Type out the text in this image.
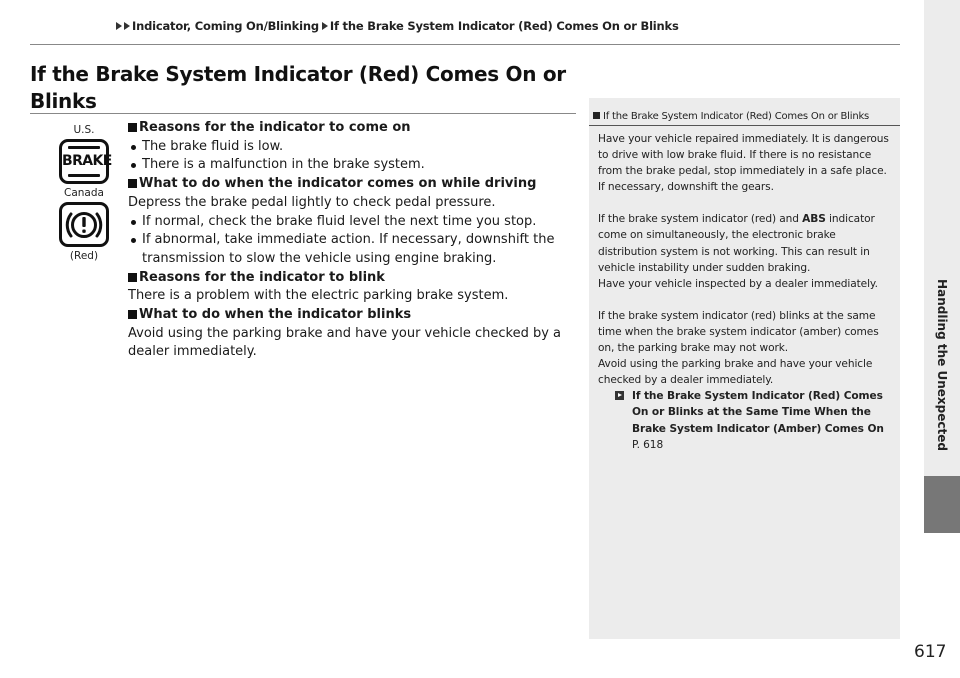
Indicator, Coming On/Blinking If the Brake System Indicator (Red) Comes On or Blinks
Handling the Unexpected
If the Brake System Indicator (Red) Comes On or Blinks
U.S.
BRAKE
Canada
(Red)
Reasons for the indicator to come on
The brake fluid is low.
There is a malfunction in the brake system.
What to do when the indicator comes on while driving
Depress the brake pedal lightly to check pedal pressure.
If normal, check the brake fluid level the next time you stop.
If abnormal, take immediate action. If necessary, downshift the transmission to slow the vehicle using engine braking.
Reasons for the indicator to blink
There is a problem with the electric parking brake system.
What to do when the indicator blinks
Avoid using the parking brake and have your vehicle checked by a dealer immediately.
If the Brake System Indicator (Red) Comes On or Blinks

Have your vehicle repaired immediately. It is dangerous to drive with low brake fluid. If there is no resistance from the brake pedal, stop immediately in a safe place. If necessary, downshift the gears.

If the brake system indicator (red) and ABS indicator come on simultaneously, the electronic brake distribution system is not working. This can result in vehicle instability under sudden braking.

Have your vehicle inspected by a dealer immediately.

If the brake system indicator (red) blinks at the same time when the brake system indicator (amber) comes on, the parking brake may not work.

Avoid using the parking brake and have your vehicle checked by a dealer immediately.

If the Brake System Indicator (Red) Comes On or Blinks at the Same Time When the Brake System Indicator (Amber) Comes On
P. 618
617
